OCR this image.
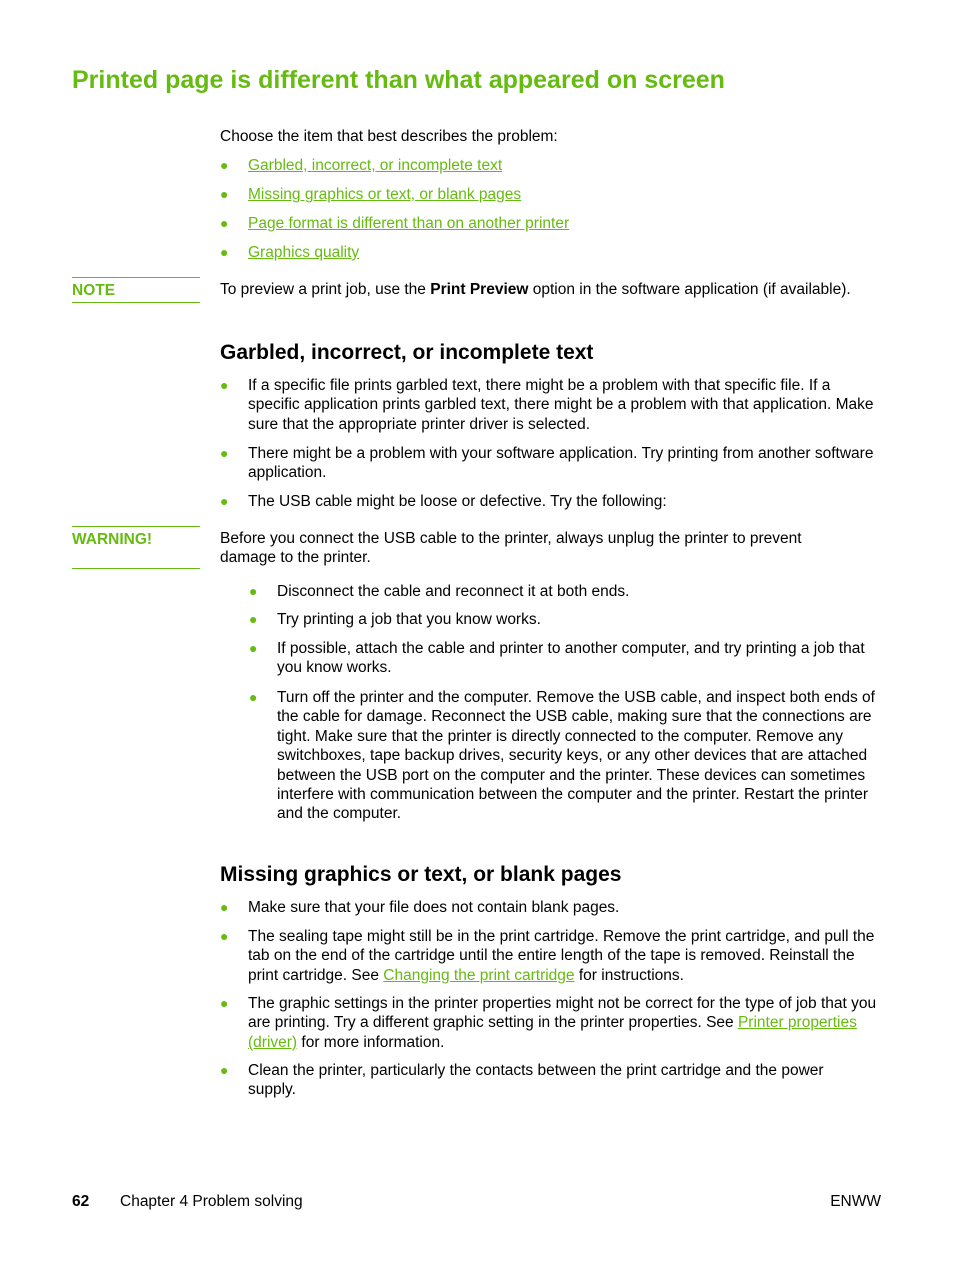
Printed page is different than what appeared on screen

Choose the item that best describes the problem:

● Garbled, incorrect, or incomplete text
● Missing graphics or text, or blank pages
● Page format is different than on another printer
● Graphics quality
NOTE	To preview a print job, use the Print Preview option in the software application (if available).

Garbled, incorrect, or incomplete text
● If a specific file prints garbled text, there might be a problem with that specific file. If a specific application prints garbled text, there might be a problem with that application. Make sure that the appropriate printer driver is selected.
● There might be a problem with your software application. Try printing from another software application.
● The USB cable might be loose or defective. Try the following:
WARNING!	Before you connect the USB cable to the printer, always unplug the printer to prevent damage to the printer.

● Disconnect the cable and reconnect it at both ends.
● Try printing a job that you know works.
● If possible, attach the cable and printer to another computer, and try printing a job that you know works.
● Turn off the printer and the computer. Remove the USB cable, and inspect both ends of the cable for damage. Reconnect the USB cable, making sure that the connections are tight. Make sure that the printer is directly connected to the computer. Remove any switchboxes, tape backup drives, security keys, or any other devices that are attached between the USB port on the computer and the printer. These devices can sometimes interfere with communication between the computer and the printer. Restart the printer and the computer.
Missing graphics or text, or blank pages
● Make sure that your file does not contain blank pages.
● The sealing tape might still be in the print cartridge. Remove the print cartridge, and pull the tab on the end of the cartridge until the entire length of the tape is removed. Reinstall the print cartridge. See Changing the print cartridge for instructions.
● The graphic settings in the printer properties might not be correct for the type of job that you are printing. Try a different graphic setting in the printer properties. See Printer properties (driver) for more information.
● Clean the printer, particularly the contacts between the print cartridge and the power supply.
62 Chapter 4 Problem solving	ENWW
